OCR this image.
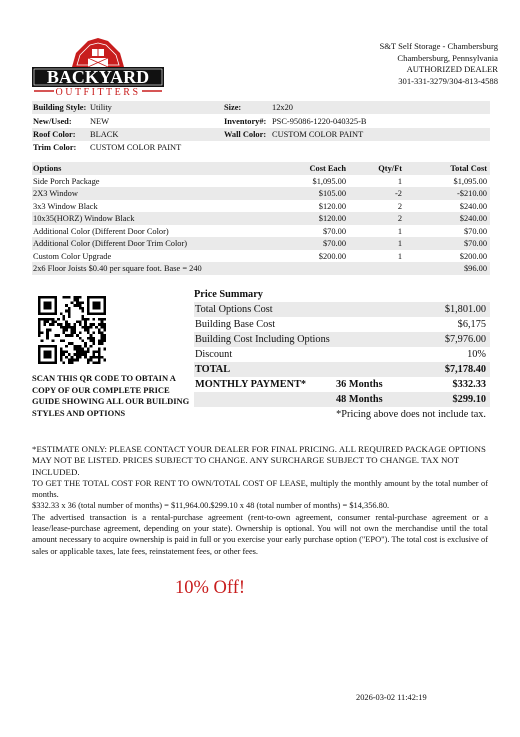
BACKYARD
OUTFITTERS
S&T Self Storage - Chambersburg
Chambersburg, Pennsylvania
AUTHORIZED DEALER
301-331-3279/304-813-4588
Building Style: Utility	Size:	12x20
New/Used:	NEW	Inventory#: PSC-95086-1220-040325-B
Roof Color:	BLACK	Wall Color: CUSTOM COLOR PAINT
Trim Color:	CUSTOM COLOR PAINT
Options	Cost Each	Qty/Ft	Total Cost
Side Porch Package	$1,095.00	1	$1,095.00
2X3 Window	$105.00	-2	-$210.00
3x3 Window Black	$120.00	2	$240.00
10x35(HORZ) Window Black	$120.00	2	$240.00
Additional Color (Different Door Color)	$70.00	1	$70.00
Additional Color (Different Door Trim Color)	$70.00	1	$70.00
Custom Color Upgrade	$200.00	1	$200.00
2x6 Floor Joists $0.40 per square foot. Base = 240	$96.00
SCAN THIS QR CODE TO OBTAIN A COPY OF OUR COMPLETE PRICE GUIDE SHOWING ALL OUR BUILDING STYLES AND OPTIONS
Price Summary
Total Options Cost	$1,801.00
Building Base Cost	$6,175
Building Cost Including Options	$7,976.00
Discount	10%
TOTAL	$7,178.40
MONTHLY PAYMENT*	36 Months	$332.33
48 Months	$299.10
*Pricing above does not include tax.

*ESTIMATE ONLY: PLEASE CONTACT YOUR DEALER FOR FINAL PRICING. ALL REQUIRED PACKAGE OPTIONS MAY NOT BE LISTED. PRICES SUBJECT TO CHANGE. ANY SURCHARGE SUBJECT TO CHANGE. TAX NOT INCLUDED.

TO GET THE TOTAL COST FOR RENT TO OWN/TOTAL COST OF LEASE, multiply the monthly amount by the total number of months.

$332.33 x 36 (total number of months) = $11,964.00.$299.10 x 48 (total number of months) = $14,356.80.

The advertised transaction is a rental-purchase agreement (rent-to-own agreement, consumer rental-purchase agreement or a lease/lease-purchase agreement, depending on your state). Ownership is optional. You will not own the merchandise until the total amount necessary to acquire ownership is paid in full or you exercise your early purchase option ("EPO"). The total cost is exclusive of sales or applicable taxes, late fees, reinstatement fees, or other fees.

10% Off!
2026-03-02 11:42:19
